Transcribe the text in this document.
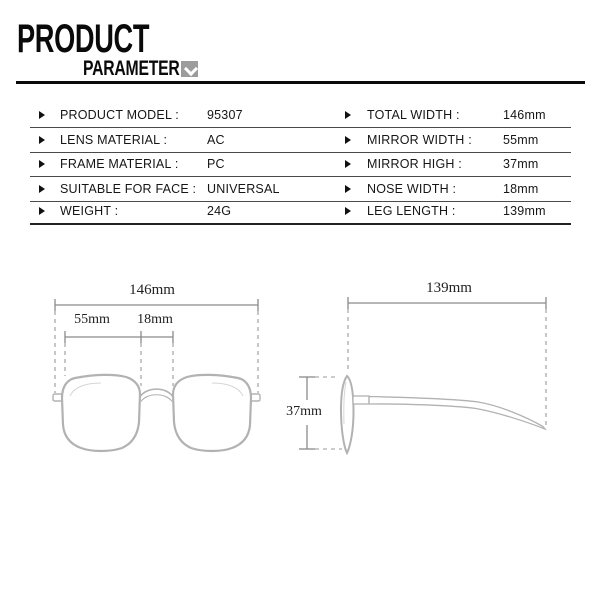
PRODUCT
PARAMETER
PRODUCT MODEL : 95307	TOTAL WIDTH :	146mm
LENS MATERIAL :	AC	MIRROR WIDTH : 55mm
FRAME MATERIAL : PC	MIRROR HIGH :	37mm
SUITABLE FOR FACE : UNIVERSAL	NOSE WIDTH :	18mm
WEIGHT :	24G	LEG LENGTH :	139mm
146mm
55mm 18mm
139mm
37mm
